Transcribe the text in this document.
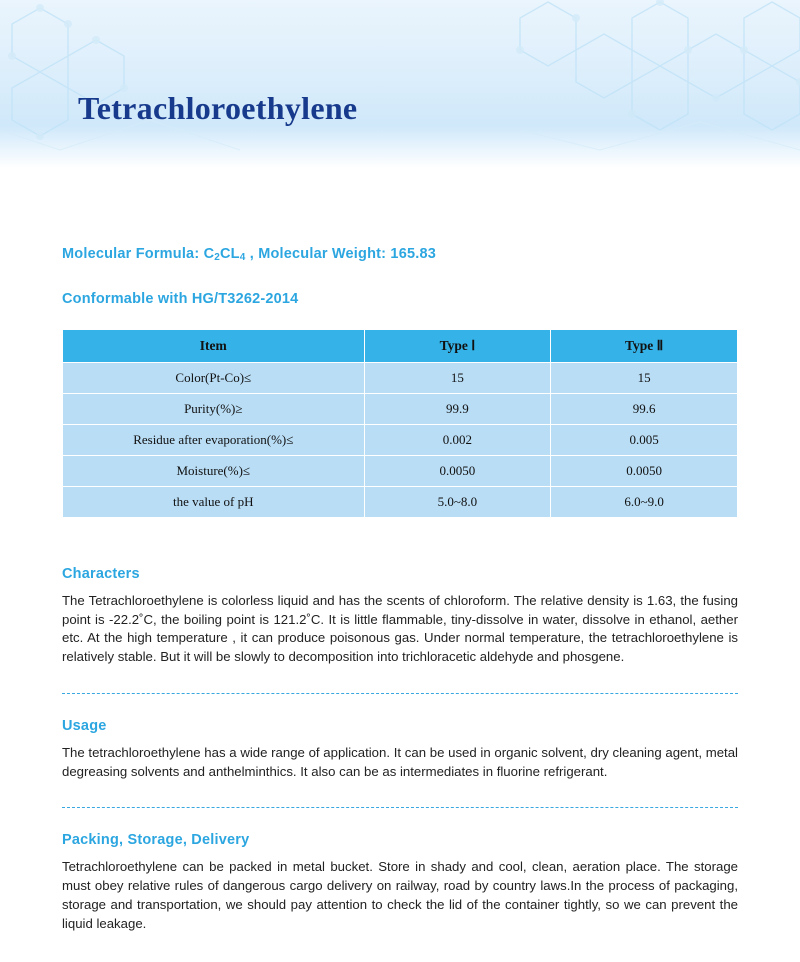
Tetrachloroethylene
Molecular Formula: $C_2CL_4$ , Molecular Weight: 165.83
Conformable with HG/T3262-2014
Item	Type Ⅰ	Type Ⅱ
Color(Pt-Co)≤	15	15
Purity(%)≥	99.9	99.6
Residue after evaporation(%)≤	0.002	0.005
Moisture(%)≤	0.0050	0.0050
the value of pH	5.0~8.0	6.0~9.0
Characters
The Tetrachloroethylene is colorless liquid and has the scents of chloroform. The relative density is 1.63, the fusing point is -22.2˚C, the boiling point is 121.2˚C. It is little flammable, tiny-dissolve in water, dissolve in ethanol, aether etc. At the high temperature , it can produce poisonous gas. Under normal temperature, the tetrachloroethylene is relatively stable. But it will be slowly to decomposition into trichloracetic aldehyde and phosgene.
Usage
The tetrachloroethylene has a wide range of application. It can be used in organic solvent, dry cleaning agent, metal degreasing solvents and anthelminthics. It also can be as intermediates in fluorine refrigerant.
Packing, Storage, Delivery
Tetrachloroethylene can be packed in metal bucket. Store in shady and cool, clean, aeration place. The storage must obey relative rules of dangerous cargo delivery on railway, road by country laws.In the process of packaging, storage and transportation, we should pay attention to check the lid of the container tightly, so we can prevent the liquid leakage.
